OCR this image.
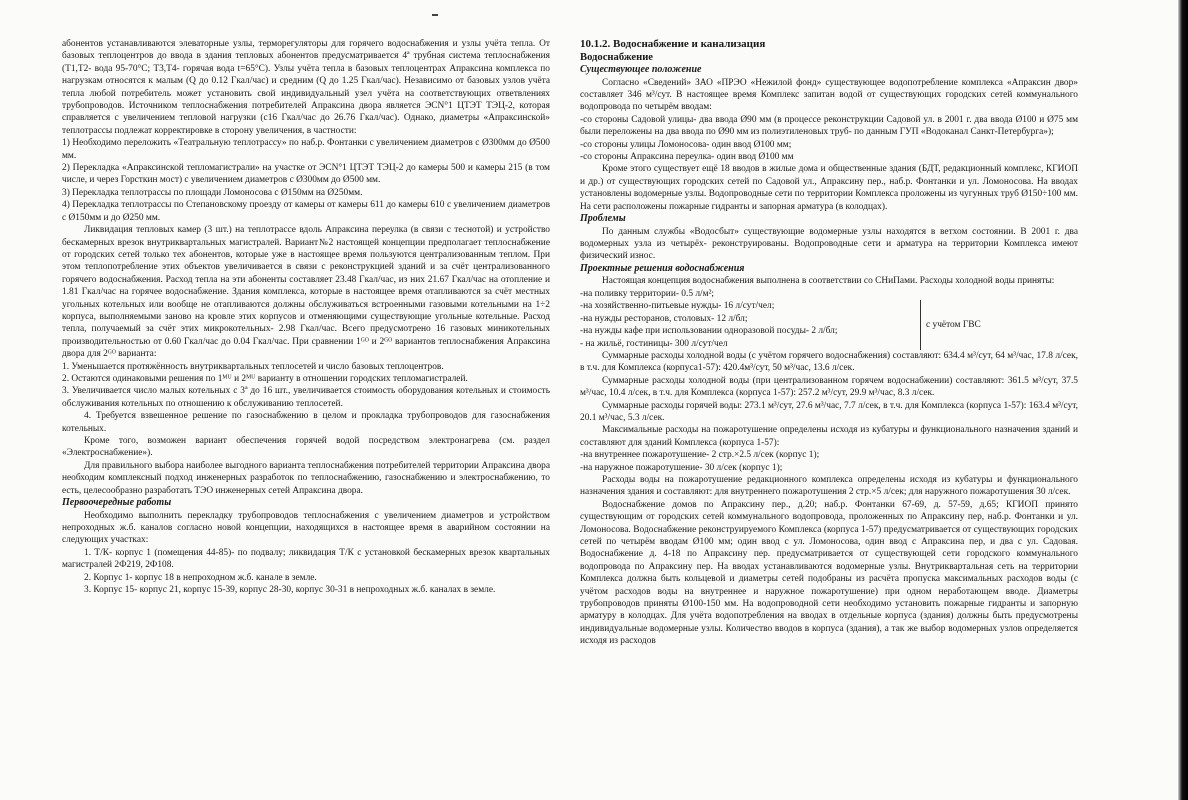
абонентов устанавливаются элеваторные узлы, терморегуляторы для горячего водоснабжения и узлы учёта тепла. От базовых теплоцентров до ввода в здания тепловых абонентов предусматривается 4ª трубная система теплоснабжения (Т1,Т2- вода 95-70°С; Т3,Т4- горячая вода t=65°С). Узлы учёта тепла в базовых теплоцентрах Апраксина комплекса по нагрузкам относятся к малым (Q до 0.12 Гкал/час) и средним (Q до 1.25 Гкал/час). Независимо от базовых узлов учёта тепла любой потребитель может установить свой индивидуальный узел учёта на соответствующих ответвлениях трубопроводов. Источником теплоснабжения потребителей Апраксина двора является ЭСN°1 ЦТЭТ ТЭЦ-2, которая справляется с увеличением тепловой нагрузки (с16 Гкал/час до 26.76 Гкал/час). Однако, диаметры «Апраксинской» теплотрассы подлежат корректировке в сторону увеличения, в частности:

1) Необходимо переложить «Театральную теплотрассу» по наб.р. Фонтанки с увеличением диаметров с Ø300мм до Ø500 мм.

2) Перекладка «Апраксинской тепломагистрали» на участке от ЭСN°1 ЦТЭТ ТЭЦ-2 до камеры 500 и камеры 215 (в том числе, и через Горсткин мост) с увеличением диаметров с Ø300мм до Ø500 мм.

3) Перекладка теплотрассы по площади Ломоносова с Ø150мм на Ø250мм.

4) Перекладка теплотрассы по Степановскому проезду от камеры от камеры 611 до камеры 610 с увеличением диаметров с Ø150мм и до Ø250 мм.

Ликвидация тепловых камер (3 шт.) на теплотрассе вдоль Апраксина переулка (в связи с теснотой) и устройство бескамерных врезок внутриквартальных магистралей. Вариант№2 настоящей концепции предполагает теплоснабжение от городских сетей только тех абонентов, которые уже в настоящее время пользуются централизованным теплом. При этом теплопотребление этих объектов увеличивается в связи с реконструкцией зданий и за счёт централизованного горячего водоснабжения. Расход тепла на эти абоненты составляет 23.48 Гкал/час, из них 21.67 Гкал/час на отопление и 1.81 Гкал/час на горячее водоснабжение. Здания комплекса, которые в настоящее время отапливаются за счёт местных угольных котельных или вообще не отапливаются должны обслуживаться встроенными газовыми котельными на 1÷2 корпуса, выполняемыми заново на кровле этих корпусов и отменяющими существующие угольные котельные. Расход тепла, получаемый за счёт этих микрокотельных- 2.98 Гкал/час. Всего предусмотрено 16 газовых миникотельных производительностью от 0.60 Гкал/час до 0.04 Гкал/час. При сравнении 1ᴳᴼ и 2ᴳᴼ вариантов теплоснабжения Апраксина двора для 2ᴳᴼ варианта:

1. Уменьшается протяжённость внутриквартальных теплосетей и число базовых теплоцентров.

2. Остаются одинаковыми решения по 1ᴹᵁ и 2ᴹᵁ варианту в отношении городских тепломагистралей.

3. Увеличивается число малых котельных с 3ª до 16 шт., увеличивается стоимость оборудования котельных и стоимость обслуживания котельных по отношению к обслуживанию теплосетей.

4. Требуется взвешенное решение по газоснабжению в целом и прокладка трубопроводов для газоснабжения котельных.

Кроме того, возможен вариант обеспечения горячей водой посредством электронагрева (см. раздел «Электроснабжение»).

Для правильного выбора наиболее выгодного варианта теплоснабжения потребителей территории Апраксина двора необходим комплексный подход инженерных разработок по теплоснабжению, газоснабжению и электроснабжению, то есть, целесообразно разработать ТЭО инженерных сетей Апраксина двора.

Первоочередные работы

Необходимо выполнить перекладку трубопроводов теплоснабжения с увеличением диаметров и устройством непроходных ж.б. каналов согласно новой концепции, находящихся в настоящее время в аварийном состоянии на следующих участках:

1. Т/К- корпус 1 (помещения 44-85)- по подвалу; ликвидация Т/К с установкой бескамерных врезок квартальных магистралей 2Ф219, 2Ф108.

2. Корпус 1- корпус 18 в непроходном ж.б. канале в земле.

3. Корпус 15- корпус 21, корпус 15-39, корпус 28-30, корпус 30-31 в непроходных ж.б. каналах в земле.

10.1.2. Водоснабжение и канализация

Водоснабжение

Существующее положение

Согласно «Сведений» ЗАО «ПРЭО «Нежилой фонд» существующее водопотребление комплекса «Апраксин двор» составляет 346 м³/сут. В настоящее время Комплекс запитан водой от существующих городских сетей коммунального водопровода по четырём вводам:

-со стороны Садовой улицы- два ввода Ø90 мм (в процессе реконструкции Садовой ул. в 2001 г. два ввода Ø100 и Ø75 мм были переложены на два ввода по Ø90 мм из полиэтиленовых труб- по данным ГУП «Водоканал Санкт-Петербурга»);

-со стороны улицы Ломоносова- один ввод Ø100 мм;

-со стороны Апраксина переулка- один ввод Ø100 мм

Кроме этого существует ещё 18 вводов в жилые дома и общественные здания (БДТ, редакционный комплекс, КГИОП и др.) от существующих городских сетей по Садовой ул., Апраксину пер., наб.р. Фонтанки и ул. Ломоносова. На вводах установлены водомерные узлы. Водопроводные сети по территории Комплекса проложены из чугунных труб Ø150÷100 мм. На сети расположены пожарные гидранты и запорная арматура (в колодцах).

Проблемы

По данным службы «Водосбыт» существующие водомерные узлы находятся в ветхом состоянии. В 2001 г. два водомерных узла из четырёх- реконструированы. Водопроводные сети и арматура на территории Комплекса имеют физический износ.

Проектные решения водоснабжения

Настоящая концепция водоснабжения выполнена в соответствии со СНиПами. Расходы холодной воды приняты:

-на поливку территории- 0.5 л/м²;

-на хозяйственно-питьевые нужды- 16 л/сут/чел;

-на нужды ресторанов, столовых- 12 л/бл;

-на нужды кафе при использовании одноразовой посуды- 2 л/бл;

- на жильё, гостиницы- 300 л/сут/чел

с учётом ГВС

Суммарные расходы холодной воды (с учётом горячего водоснабжения) составляют: 634.4 м³/сут, 64 м³/час, 17.8 л/сек, в т.ч. для Комплекса (корпуса1-57): 420.4м³/сут, 50 м³/час, 13.6 л/сек.

Суммарные расходы холодной воды (при централизованном горячем водоснабжении) составляют: 361.5 м³/сут, 37.5 м³/час, 10.4 л/сек, в т.ч. для Комплекса (корпуса 1-57): 257.2 м³/сут, 29.9 м³/час, 8.3 л/сек.

Суммарные расходы горячей воды: 273.1 м³/сут, 27.6 м³/час, 7.7 л/сек, в т.ч. для Комплекса (корпуса 1-57): 163.4 м³/сут, 20.1 м³/час, 5.3 л/сек.

Максимальные расходы на пожаротушение определены исходя из кубатуры и функционального назначения зданий и составляют для зданий Комплекса (корпуса 1-57):

-на внутреннее пожаротушение- 2 стр.×2.5 л/сек (корпус 1);

-на наружное пожаротушение- 30 л/сек (корпус 1);

Расходы воды на пожаротушение редакционного комплекса определены исходя из кубатуры и функционального назначения здания и составляют: для внутреннего пожаротушения 2 стр.×5 л/сек; для наружного пожаротушения 30 л/сек.

Водоснабжение домов по Апраксину пер., д.20; наб.р. Фонтанки 67-69, д. 57-59, д.65; КГИОП принято существующим от городских сетей коммунального водопровода, проложенных по Апраксину пер, наб.р. Фонтанки и ул. Ломоносова. Водоснабжение реконструируемого Комплекса (корпуса 1-57) предусматривается от существующих городских сетей по четырём вводам Ø100 мм; один ввод с ул. Ломоносова, один ввод с Апраксина пер, и два с ул. Садовая. Водоснабжение д. 4-18 по Апраксину пер. предусматривается от существующей сети городского коммунального водопровода по Апраксину пер. На вводах устанавливаются водомерные узлы. Внутриквартальная сеть на территории Комплекса должна быть кольцевой и диаметры сетей подобраны из расчёта пропуска максимальных расходов воды (с учётом расходов воды на внутреннее и наружное пожаротушение) при одном неработающем вводе. Диаметры трубопроводов приняты Ø100-150 мм. На водопроводной сети необходимо установить пожарные гидранты и запорную арматуру в колодцах. Для учёта водопотребления на вводах в отдельные корпуса (здания) должны быть предусмотрены индивидуальные водомерные узлы. Количество вводов в корпуса (здания), а так же выбор водомерных узлов определяется исходя из расходов
